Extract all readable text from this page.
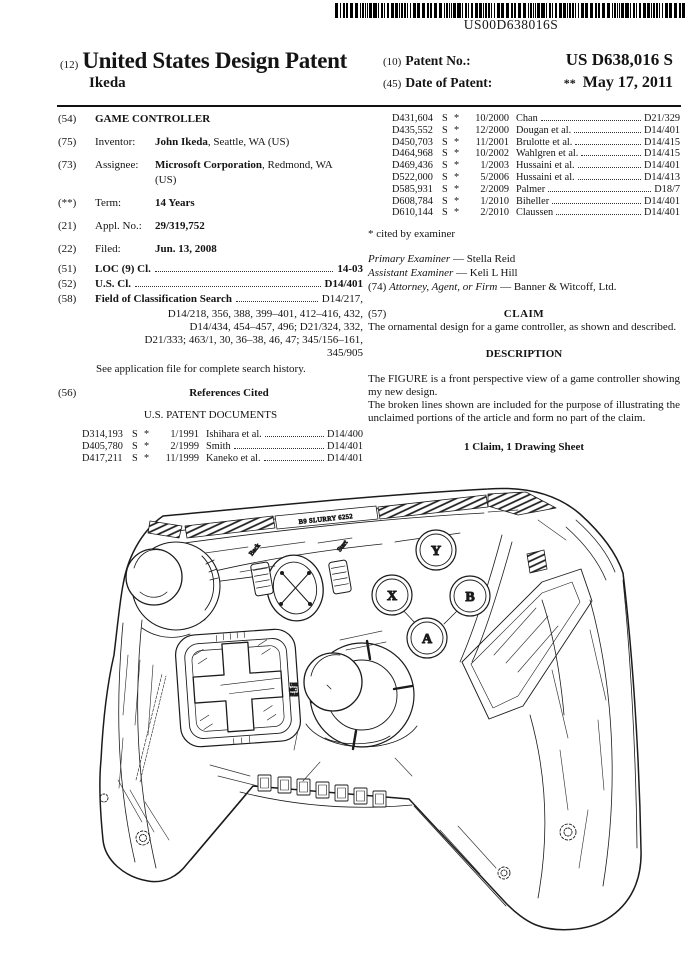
US00D638016S
(12) United States Design Patent
Ikeda
(10) Patent No.:	US D638,016 S
(45) Date of Patent:	** May 17, 2011
(54)	GAME CONTROLLER
(75)	Inventor:	John Ikeda, Seattle, WA (US)
(73)	Assignee:	Microsoft Corporation, Redmond, WA
(US)
(**)	Term:	14 Years
(21)	Appl. No.:	29/319,752
(22)	Filed:	Jun. 13, 2008
(51)	LOC (9) Cl.	14-03
(52)	U.S. Cl.	D14/401
(58)	Field of Classification Search	D14/217,
D14/218, 356, 388, 399–401, 412–416, 432,
D14/434, 454–457, 496; D21/324, 332,
D21/333; 463/1, 30, 36–38, 46, 47; 345/156–161,
345/905
See application file for complete search history.
(56)	References Cited
U.S. PATENT DOCUMENTS
D314,193 S *	1/1991 Ishihara et al.	D14/400
D405,780 S *	2/1999 Smith	D14/401
D417,211 S *	11/1999 Kaneko et al.	D14/401
D431,604 S *	10/2000 Chan	D21/329
D435,552 S *	12/2000 Dougan et al.	D14/401
D450,703 S *	11/2001 Brulotte et al.	D14/415
D464,968 S *	10/2002 Wahlgren et al.	D14/415
D469,436 S *	1/2003 Hussaini et al.	D14/401
D522,000 S *	5/2006 Hussaini et al.	D14/413
D585,931 S *	2/2009 Palmer	D18/7
D608,784 S *	1/2010 Biheller	D14/401
D610,144 S *	2/2010 Claussen	D14/401
* cited by examiner
Primary Examiner — Stella Reid
Assistant Examiner — Keli L Hill
(74) Attorney, Agent, or Firm — Banner & Witcoff, Ltd.
(57)	CLAIM
The ornamental design for a game controller, as shown and described.
DESCRIPTION
The FIGURE is a front perspective view of a game controller showing my new design.
The broken lines shown are included for the purpose of illustrating the unclaimed portions of the article and form no part of the claim.
1 Claim, 1 Drawing Sheet
B9 SLURRY 6252
USE
MIC
PAIS
Back	Start	Y
X	B
A
